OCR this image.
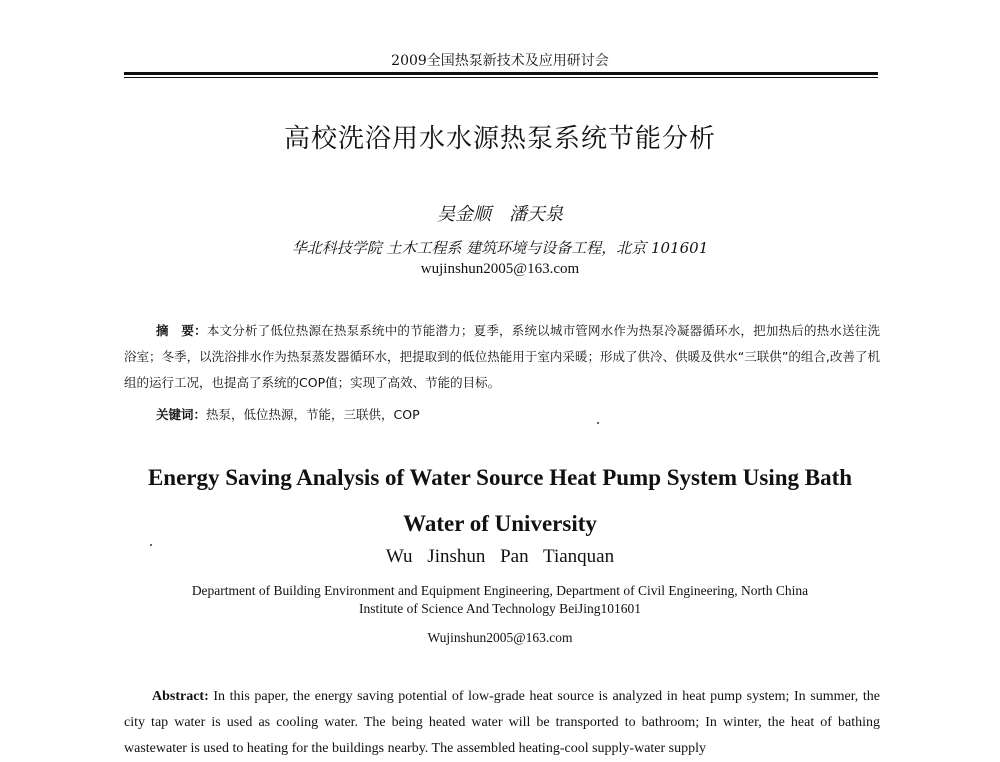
2009全国热泵新技术及应用研讨会
高校洗浴用水水源热泵系统节能分析
吴金顺　潘天泉
华北科技学院 土木工程系 建筑环境与设备工程，北京 101601
wujinshun2005@163.com
摘　要：本文分析了低位热源在热泵系统中的节能潜力；夏季，系统以城市管网水作为热泵冷凝器循环水，把加热后的热水送往洗浴室；冬季，以洗浴排水作为热泵蒸发器循环水，把提取到的低位热能用于室内采暖；形成了供冷、供暖及供水“三联供”的组合,改善了机组的运行工况，也提高了系统的COP值；实现了高效、节能的目标。
关键词：热泵，低位热源，节能，三联供，COP
Energy Saving Analysis of Water Source Heat Pump System Using Bath
Water of University
Wu Jinshun Pan Tianquan
Department of Building Environment and Equipment Engineering, Department of Civil Engineering, North China
Institute of Science And Technology BeiJing101601
Wujinshun2005@163.com
Abstract: In this paper, the energy saving potential of low-grade heat source is analyzed in heat pump system; In summer, the city tap water is used as cooling water. The being heated water will be transported to bathroom; In winter, the heat of bathing wastewater is used to heating for the buildings nearby. The assembled heating-cool supply-water supply
